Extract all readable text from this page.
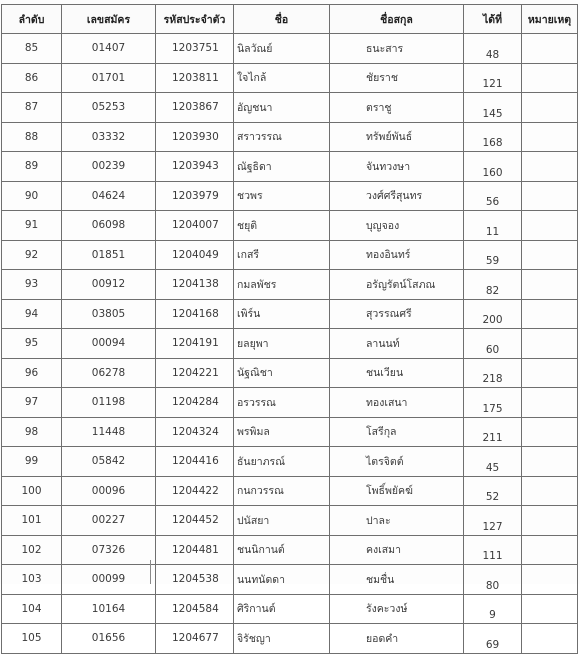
ลำดับ	เลขสมัคร	รหัสประจำตัว	ชื่อ	ชื่อสกุล	ได้ที่	หมายเหตุ
85	01407	1203751	นิลวัณย์	ธนะสาร	48	
86	01701	1203811	ใจไกล้	ชัยราช	121	
87	05253	1203867	อัญชนา	ตราชู	145	
88	03332	1203930	สราวรรณ	ทรัพย์พันธ์	168	
89	00239	1203943	ณัฐธิดา	จันทวงษา	160	
90	04624	1203979	ชวพร	วงศ์ศรีสุนทร	56	
91	06098	1204007	ชยุติ	บุญจอง	11	
92	01851	1204049	เกสรี	ทองอินทร์	59	
93	00912	1204138	กมลพัชร	อรัญรัตน์โสภณ	82	
94	03805	1204168	เพิร์น	สุวรรณศรี	200	
95	00094	1204191	ยลยุพา	ลานนท์	60	
96	06278	1204221	นัฐณิชา	ชนเวียน	218	
97	01198	1204284	อรวรรณ	ทองเสนา	175	
98	11448	1204324	พรพิมล	โสรีกุล	211	
99	05842	1204416	ธันยาภรณ์	ไตรจิตต์	45	
100	00096	1204422	กนกวรรณ	โพธิ์พยัคฆ์	52	
101	00227	1204452	ปนัสยา	ปาละ	127	
102	07326	1204481	ชนนิกานต์	คงเสมา	111	
103	00099	1204538	นนทนัดดา	ชมชื่น	80	
104	10164	1204584	ศิริกานต์	รังคะวงษ์	9	
105	01656	1204677	จิรัชญา	ยอดคำ	69	
